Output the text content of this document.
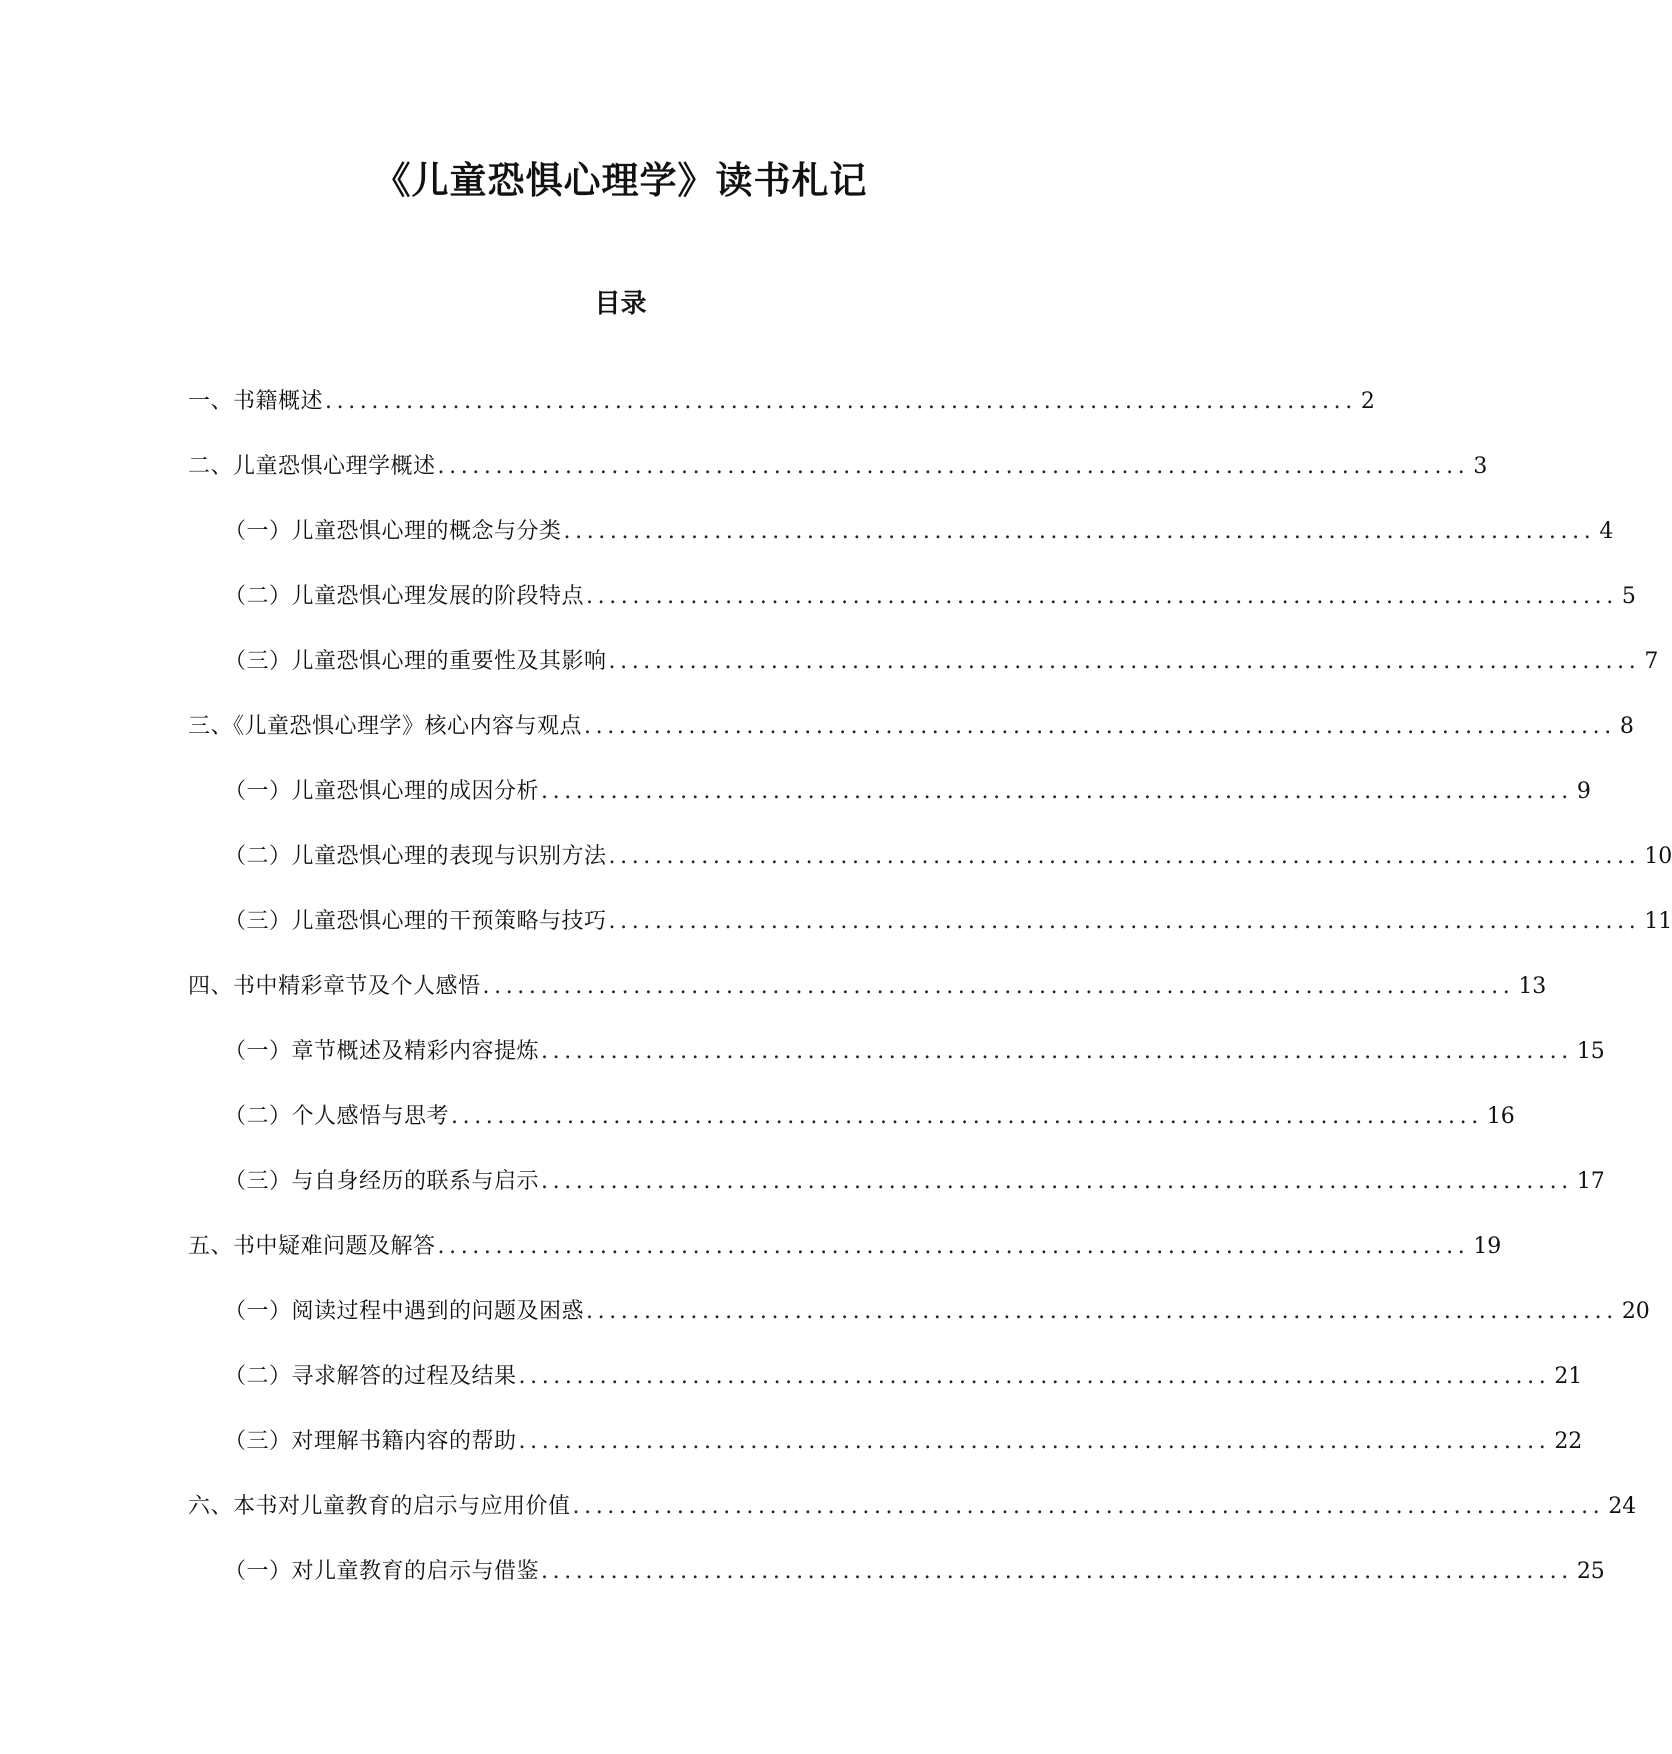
《儿童恐惧心理学》读书札记
目录
一、书籍概述 ......................................................................................... 2
二、儿童恐惧心理学概述 ......................................................................................... 3
（一）儿童恐惧心理的概念与分类 ......................................................................................... 4
（二）儿童恐惧心理发展的阶段特点 ......................................................................................... 5
（三）儿童恐惧心理的重要性及其影响 ......................................................................................... 7
三、《儿童恐惧心理学》核心内容与观点 ......................................................................................... 8
（一）儿童恐惧心理的成因分析 ......................................................................................... 9
（二）儿童恐惧心理的表现与识别方法 ......................................................................................... 10
（三）儿童恐惧心理的干预策略与技巧 ......................................................................................... 11
四、书中精彩章节及个人感悟 ......................................................................................... 13
（一）章节概述及精彩内容提炼 ......................................................................................... 15
（二）个人感悟与思考 ......................................................................................... 16
（三）与自身经历的联系与启示 ......................................................................................... 17
五、书中疑难问题及解答 ......................................................................................... 19
（一）阅读过程中遇到的问题及困惑 ......................................................................................... 20
（二）寻求解答的过程及结果 ......................................................................................... 21
（三）对理解书籍内容的帮助 ......................................................................................... 22
六、本书对儿童教育的启示与应用价值 ......................................................................................... 24
（一）对儿童教育的启示与借鉴 ......................................................................................... 25
